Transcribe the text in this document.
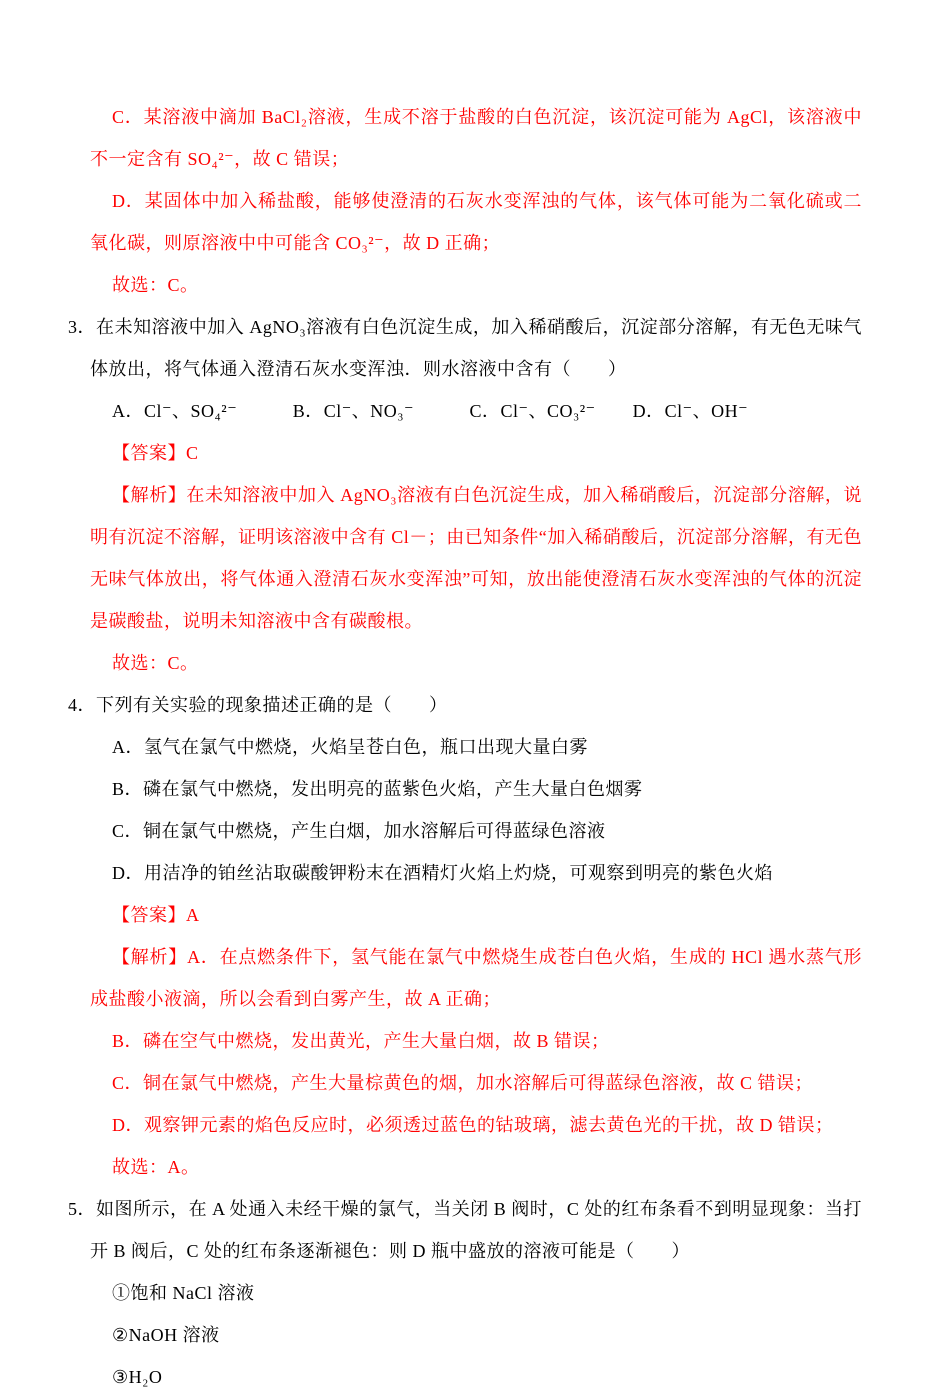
C．某溶液中滴加 BaCl₂溶液，生成不溶于盐酸的白色沉淀，该沉淀可能为 AgCl，该溶液中不一定含有 SO₄²⁻，故 C 错误；

D．某固体中加入稀盐酸，能够使澄清的石灰水变浑浊的气体，该气体可能为二氧化硫或二氧化碳，则原溶液中中可能含 CO₃²⁻，故 D 正确；

故选：C。

3．在未知溶液中加入 AgNO₃溶液有白色沉淀生成，加入稀硝酸后，沉淀部分溶解，有无色无味气体放出，将气体通入澄清石灰水变浑浊．则水溶液中含有（　　）

A．Cl⁻、SO₄²⁻　　　B．Cl⁻、NO₃⁻　　　C．Cl⁻、CO₃²⁻　　D．Cl⁻、OH⁻

【答案】C

【解析】在未知溶液中加入 AgNO₃溶液有白色沉淀生成，加入稀硝酸后，沉淀部分溶解，说明有沉淀不溶解，证明该溶液中含有 Cl－；由已知条件“加入稀硝酸后，沉淀部分溶解，有无色无味气体放出，将气体通入澄清石灰水变浑浊”可知，放出能使澄清石灰水变浑浊的气体的沉淀是碳酸盐，说明未知溶液中含有碳酸根。

故选：C。

4．下列有关实验的现象描述正确的是（　　）

A．氢气在氯气中燃烧，火焰呈苍白色，瓶口出现大量白雾

B．磷在氯气中燃烧，发出明亮的蓝紫色火焰，产生大量白色烟雾

C．铜在氯气中燃烧，产生白烟，加水溶解后可得蓝绿色溶液

D．用洁净的铂丝沾取碳酸钾粉末在酒精灯火焰上灼烧，可观察到明亮的紫色火焰

【答案】A

【解析】A．在点燃条件下，氢气能在氯气中燃烧生成苍白色火焰，生成的 HCl 遇水蒸气形成盐酸小液滴，所以会看到白雾产生，故 A 正确；

B．磷在空气中燃烧，发出黄光，产生大量白烟，故 B 错误；

C．铜在氯气中燃烧，产生大量棕黄色的烟，加水溶解后可得蓝绿色溶液，故 C 错误；

D．观察钾元素的焰色反应时，必须透过蓝色的钴玻璃，滤去黄色光的干扰，故 D 错误；

故选：A。

5．如图所示，在 A 处通入未经干燥的氯气，当关闭 B 阀时，C 处的红布条看不到明显现象：当打开 B 阀后，C 处的红布条逐渐褪色：则 D 瓶中盛放的溶液可能是（　　）

①饱和 NaCl 溶液

②NaOH 溶液

③H₂O
